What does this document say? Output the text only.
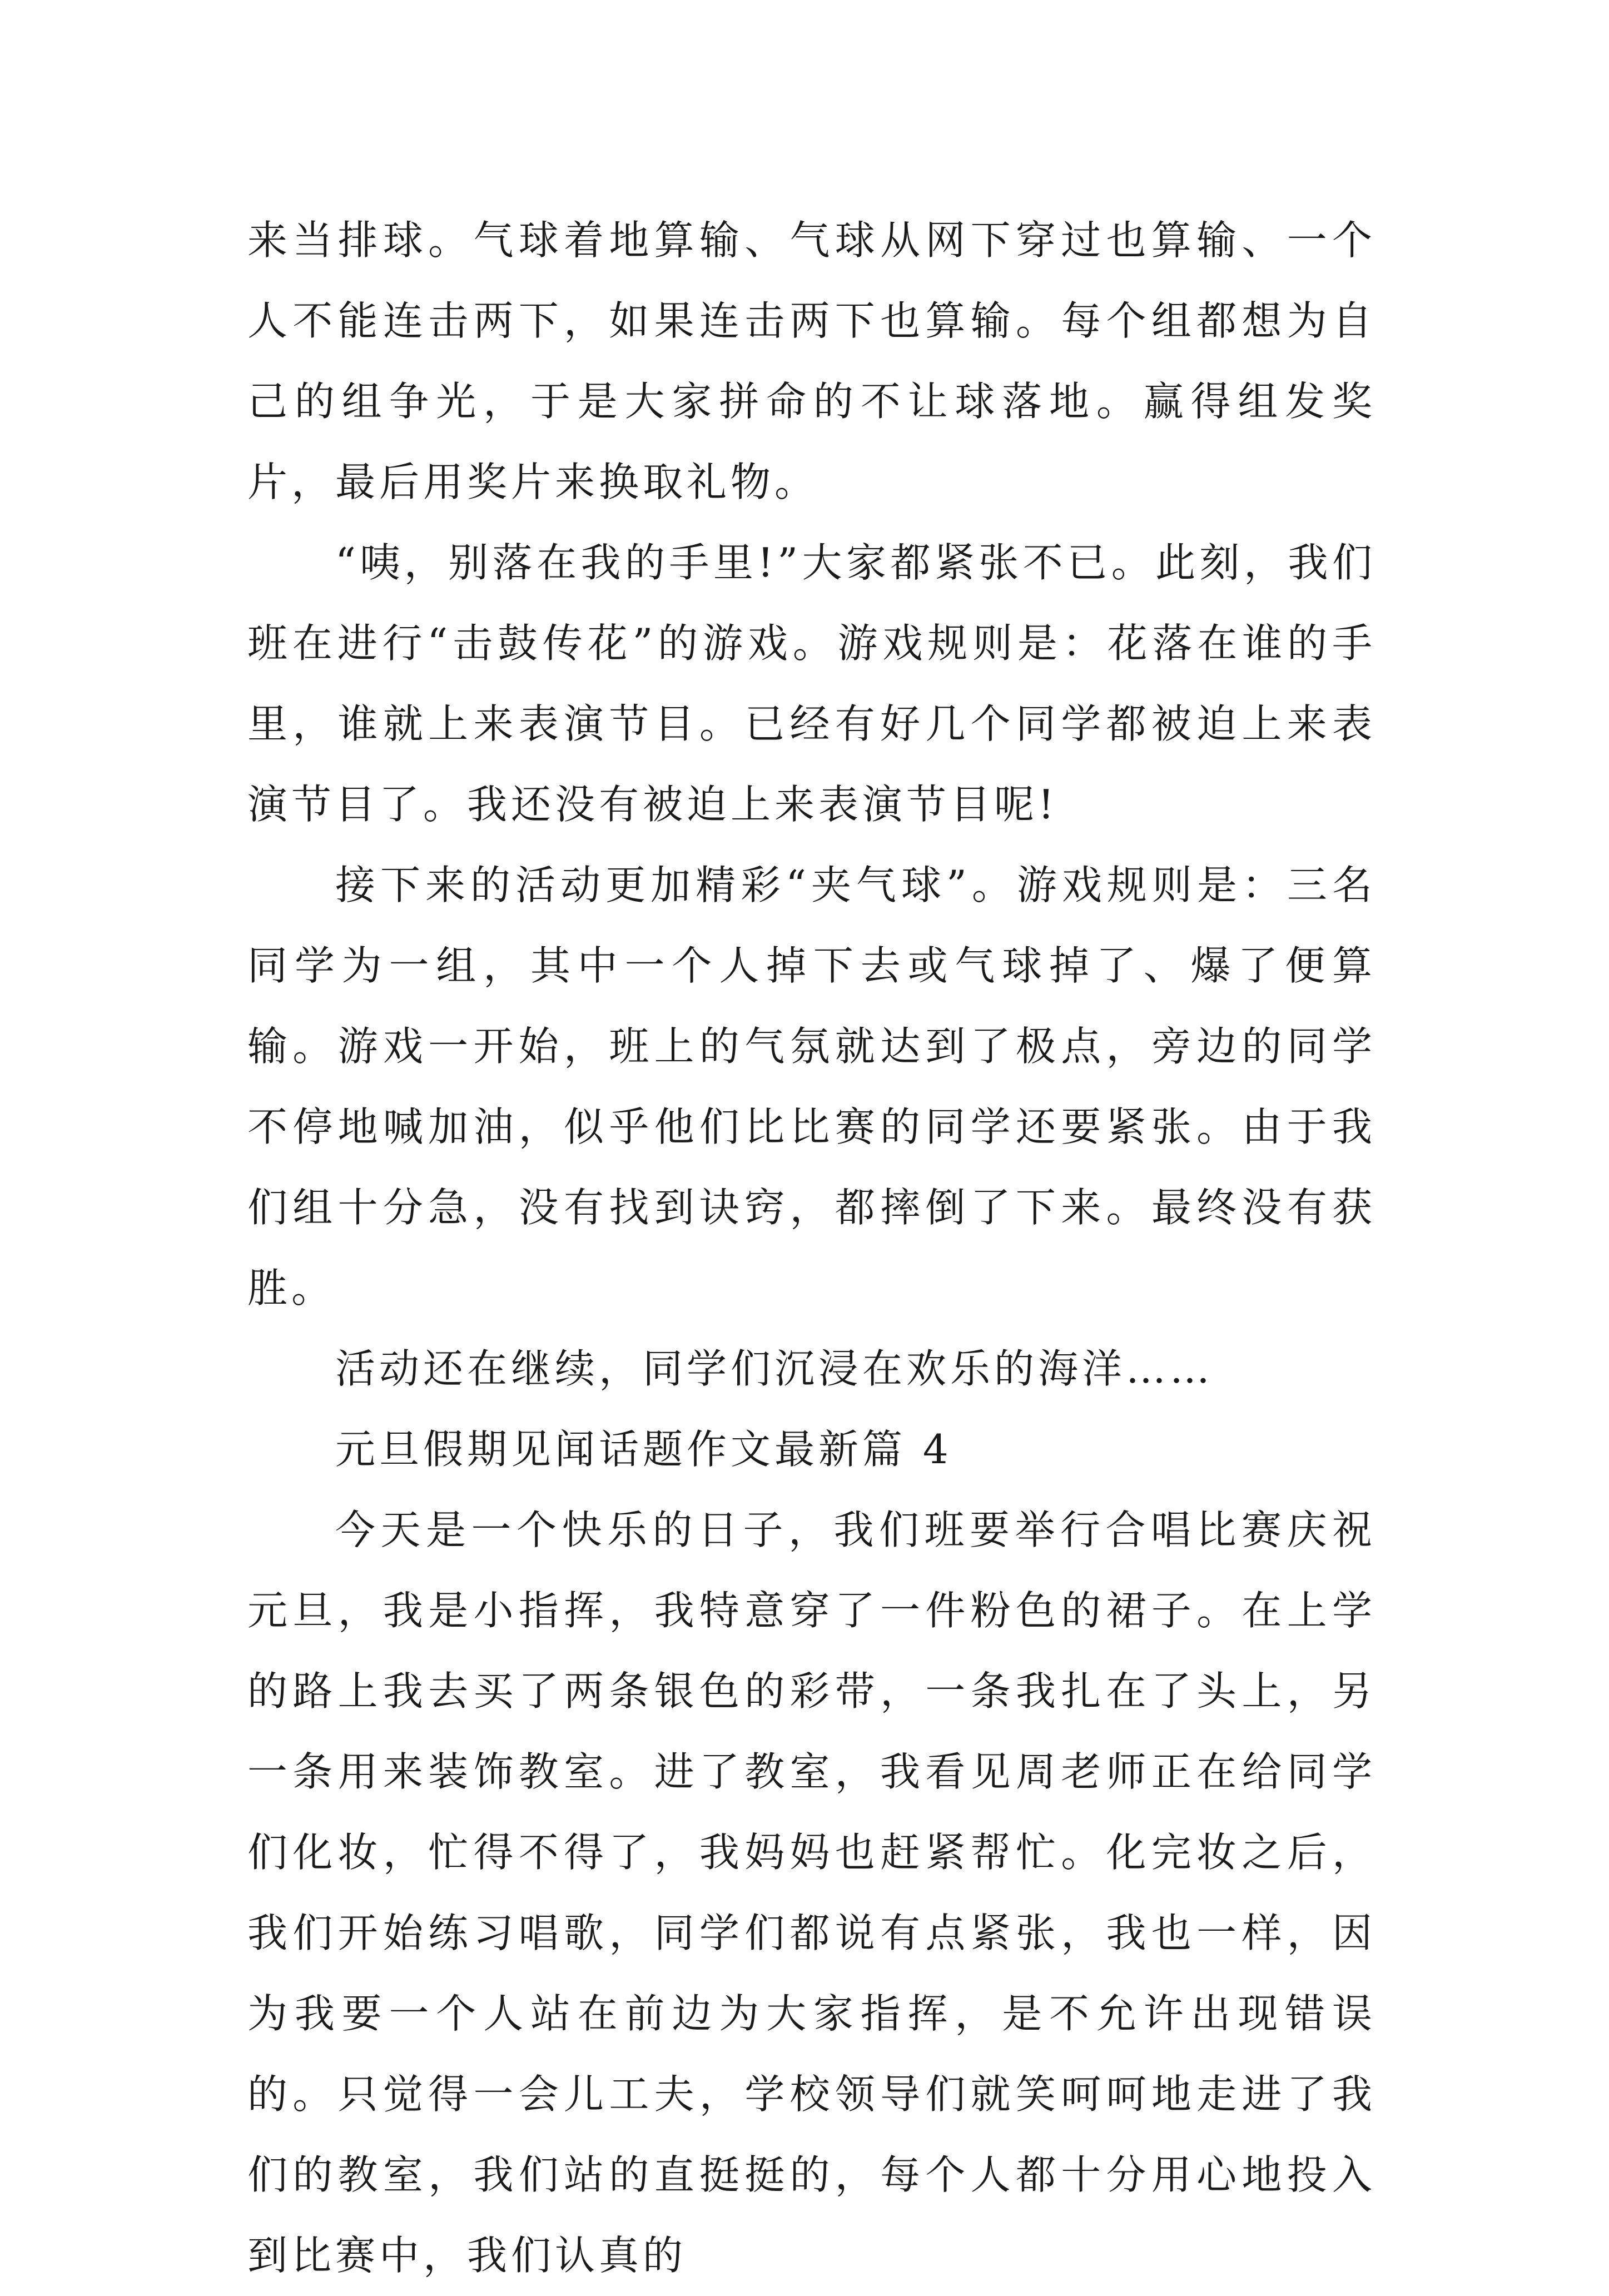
来当排球。气球着地算输、气球从网下穿过也算输、一个人不能连击两下，如果连击两下也算输。每个组都想为自己的组争光，于是大家拼命的不让球落地。赢得组发奖片，最后用奖片来换取礼物。

“咦，别落在我的手里!”大家都紧张不已。此刻，我们班在进行“击鼓传花”的游戏。游戏规则是：花落在谁的手里，谁就上来表演节目。已经有好几个同学都被迫上来表演节目了。我还没有被迫上来表演节目呢!

接下来的活动更加精彩“夹气球”。游戏规则是：三名同学为一组，其中一个人掉下去或气球掉了、爆了便算输。游戏一开始，班上的气氛就达到了极点，旁边的同学不停地喊加油，似乎他们比比赛的同学还要紧张。由于我们组十分急，没有找到诀窍，都摔倒了下来。最终没有获胜。

活动还在继续，同学们沉浸在欢乐的海洋……

元旦假期见闻话题作文最新篇 4

今天是一个快乐的日子，我们班要举行合唱比赛庆祝元旦，我是小指挥，我特意穿了一件粉色的裙子。在上学的路上我去买了两条银色的彩带，一条我扎在了头上，另一条用来装饰教室。进了教室，我看见周老师正在给同学们化妆，忙得不得了，我妈妈也赶紧帮忙。化完妆之后，我们开始练习唱歌，同学们都说有点紧张，我也一样，因为我要一个人站在前边为大家指挥，是不允许出现错误的。只觉得一会儿工夫，学校领导们就笑呵呵地走进了我们的教室，我们站的直挺挺的，每个人都十分用心地投入到比赛中，我们认真的
